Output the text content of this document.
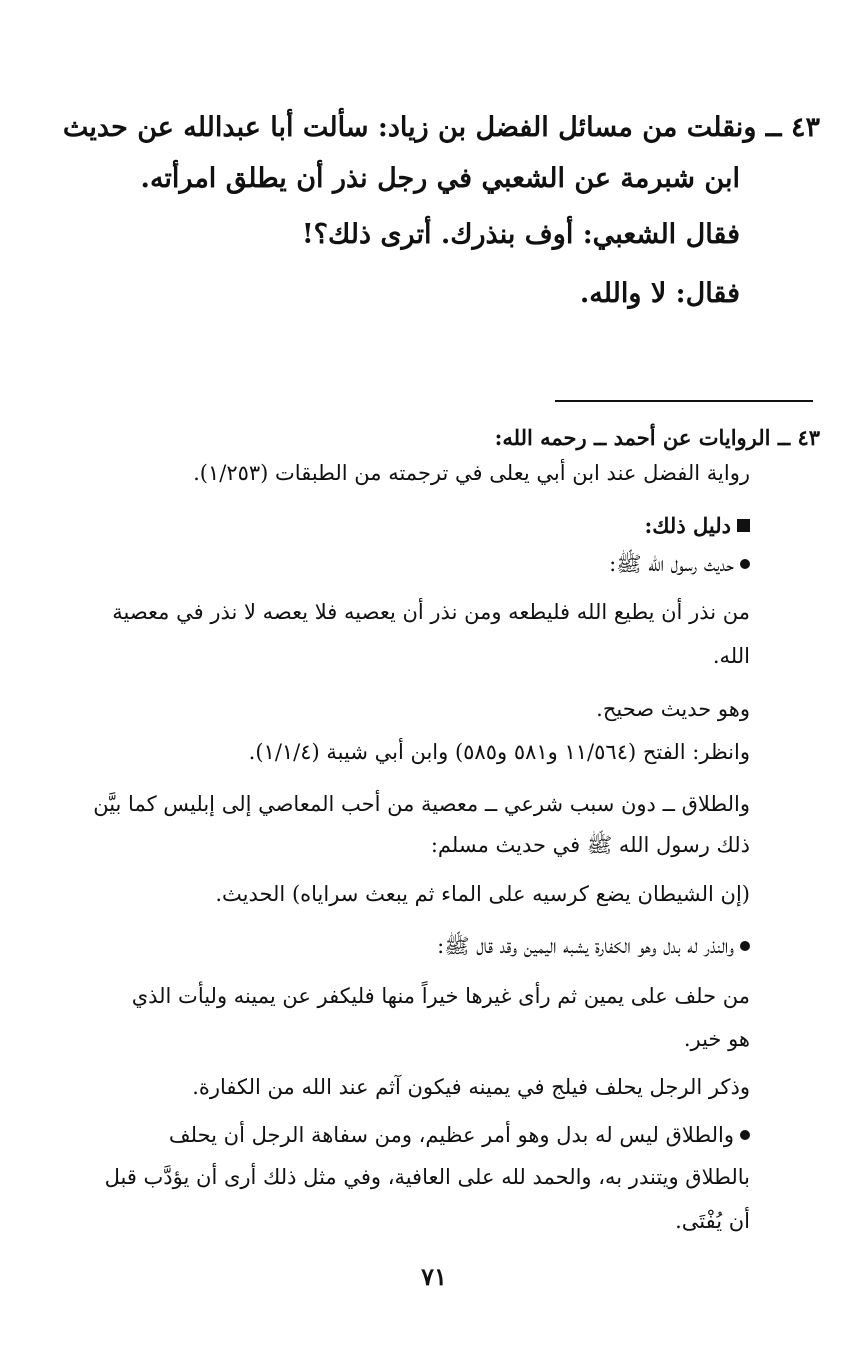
٤٣ ــ ونقلت من مسائل الفضل بن زياد: سألت أبا عبدالله عن حديث
ابن شبرمة عن الشعبي في رجل نذر أن يطلق امرأته.
فقال الشعبي: أوف بنذرك. أترى ذلك؟!
فقال: لا والله.
٤٣ ــ الروايات عن أحمد ــ رحمه الله:
رواية الفضل عند ابن أبي يعلى في ترجمته من الطبقات (١/٢٥٣).
دليل ذلك:
حديث رسول الله ﷺ:
من نذر أن يطيع الله فليطعه ومن نذر أن يعصيه فلا يعصه لا نذر في معصية
الله.
وهو حديث صحيح.
وانظر: الفتح (١١/٥٦٤ و٥٨١ و٥٨٥) وابن أبي شيبة (١/١/٤).
والطلاق ــ دون سبب شرعي ــ معصية من أحب المعاصي إلى إبليس كما بيَّن
ذلك رسول الله ﷺ في حديث مسلم:
(إن الشيطان يضع كرسيه على الماء ثم يبعث سراياه) الحديث.
والنذر له بدل وهو الكفارة يشبه اليمين وقد قال ﷺ:
من حلف على يمين ثم رأى غيرها خيراً منها فليكفر عن يمينه وليأت الذي
هو خير.
وذكر الرجل يحلف فيلج في يمينه فيكون آثم عند الله من الكفارة.
والطلاق ليس له بدل وهو أمر عظيم، ومن سفاهة الرجل أن يحلف
بالطلاق ويتندر به، والحمد لله على العافية، وفي مثل ذلك أرى أن يؤدَّب قبل
أن يُفْتَى.
٧١
